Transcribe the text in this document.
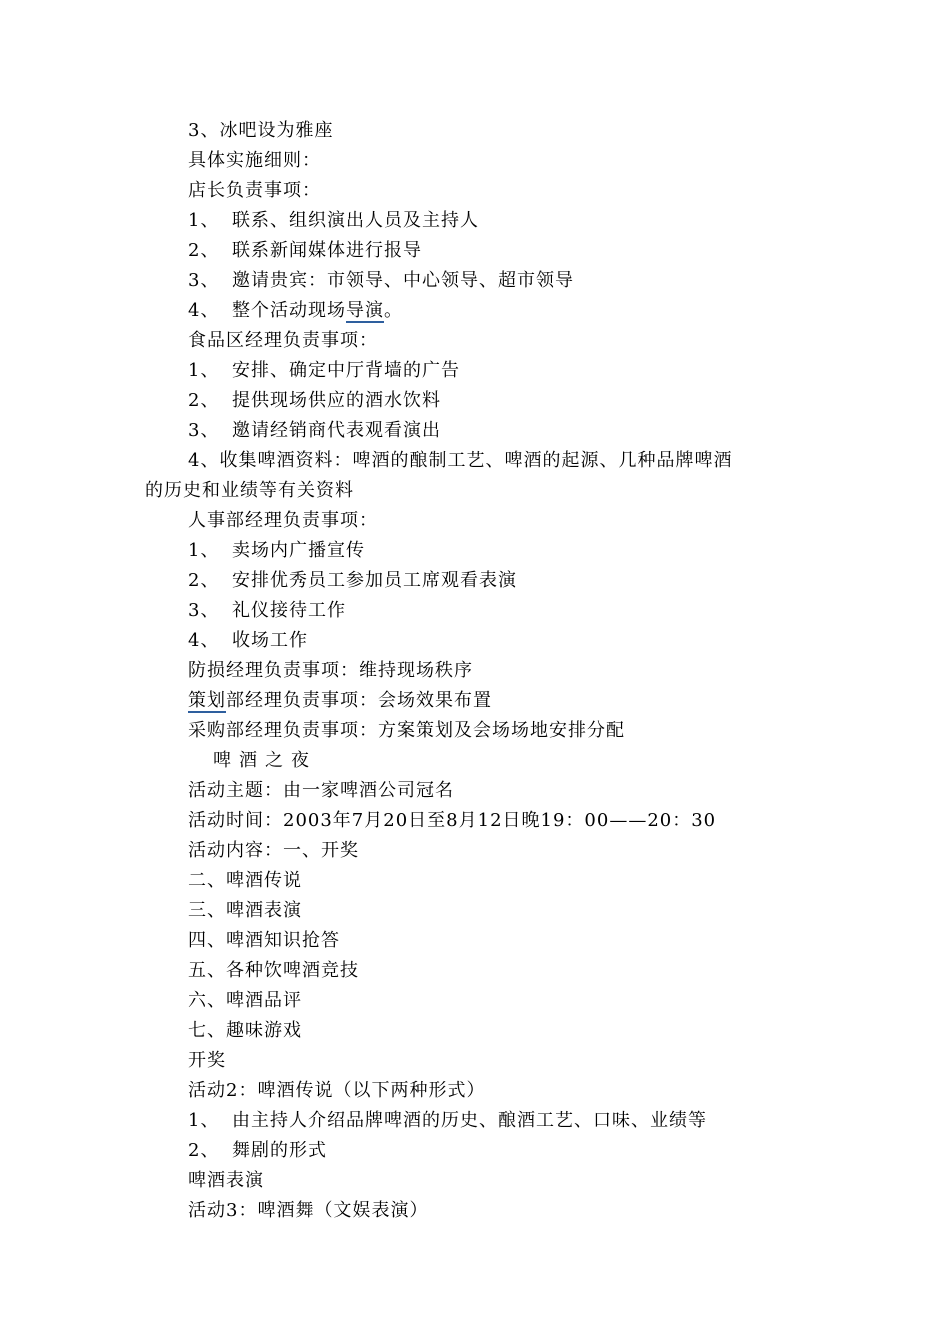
3、冰吧设为雅座
具体实施细则：
店长负责事项：
1、 联系、组织演出人员及主持人
2、 联系新闻媒体进行报导
3、 邀请贵宾：市领导、中心领导、超市领导
4、 整个活动现场导演。
食品区经理负责事项：
1、 安排、确定中厅背墙的广告
2、 提供现场供应的酒水饮料
3、 邀请经销商代表观看演出
4、收集啤酒资料：啤酒的酿制工艺、啤酒的起源、几种品牌啤酒
的历史和业绩等有关资料
人事部经理负责事项：
1、 卖场内广播宣传
2、 安排优秀员工参加员工席观看表演
3、 礼仪接待工作
4、 收场工作
防损经理负责事项：维持现场秩序
策划部经理负责事项：会场效果布置
采购部经理负责事项：方案策划及会场场地安排分配
啤酒之夜
活动主题：由一家啤酒公司冠名
活动时间：2003年7月20日至8月12日晚19：00——20：30
活动内容：一、开奖
二、啤酒传说
三、啤酒表演
四、啤酒知识抢答
五、各种饮啤酒竞技
六、啤酒品评
七、趣味游戏
开奖
活动2：啤酒传说（以下两种形式）
1、 由主持人介绍品牌啤酒的历史、酿酒工艺、口味、业绩等
2、 舞剧的形式
啤酒表演
活动3：啤酒舞（文娱表演）
